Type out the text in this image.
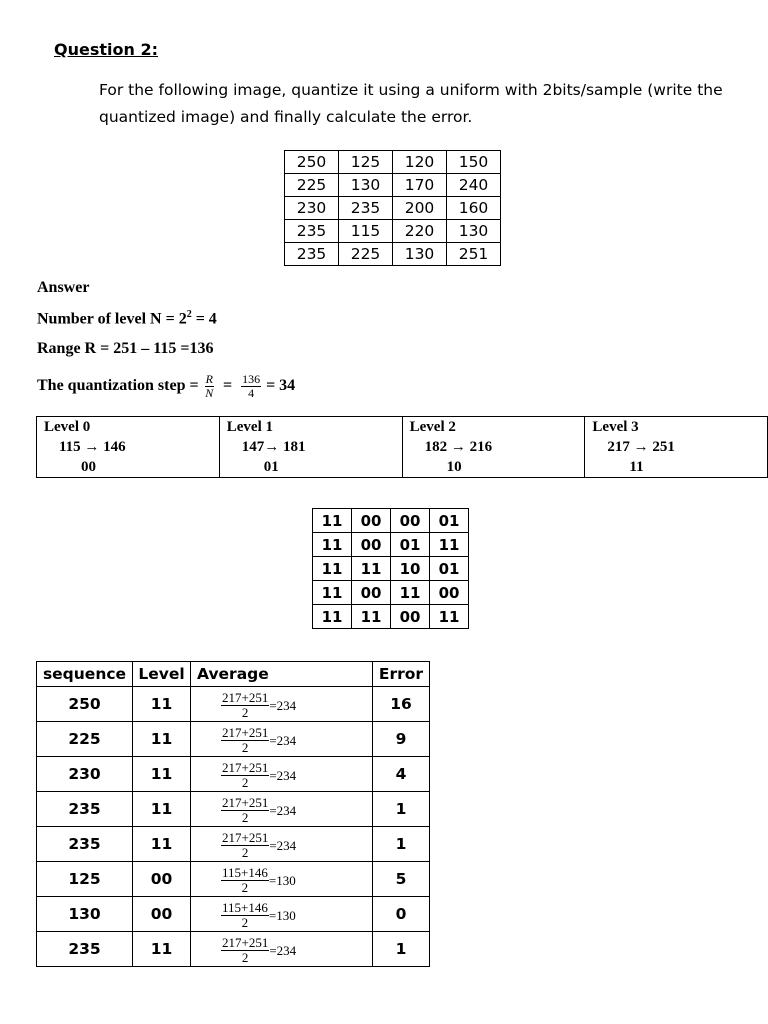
Question 2:
For the following image, quantize it using a uniform with 2bits/sample (write the quantized image) and finally calculate the error.
250	125	120	150
225	130	170	240
230	235	200	160
235	115	220	130
235	225	130	251
Answer
Number of level $N = 2^2 = 4$
Range R = 251 – 115 =136
The quantization step = $\frac{R}{N} = \frac{136}{4} = 34$
Level 0	Level 1	Level 2	Level 3
115 → 146	147→ 181	182 → 216	217 → 251
00	01	10	11
11	00	00	01
11	00	01	11
11	11	10	01
11	00	11	00
11	11	00	11
sequence	Level	Average	Error
250	11	$\frac{217+251}{2} =234$	16
225	11	$\frac{217+251}{2} =234$	9
230	11	$\frac{217+251}{2} =234$	4
235	11	$\frac{217+251}{2} =234$	1
235	11	$\frac{217+251}{2} =234$	1
125	00	$\frac{115+146}{2} =130$	5
130	00	$\frac{115+146}{2} =130$	0
235	11	$\frac{217+251}{2} =234$	1
